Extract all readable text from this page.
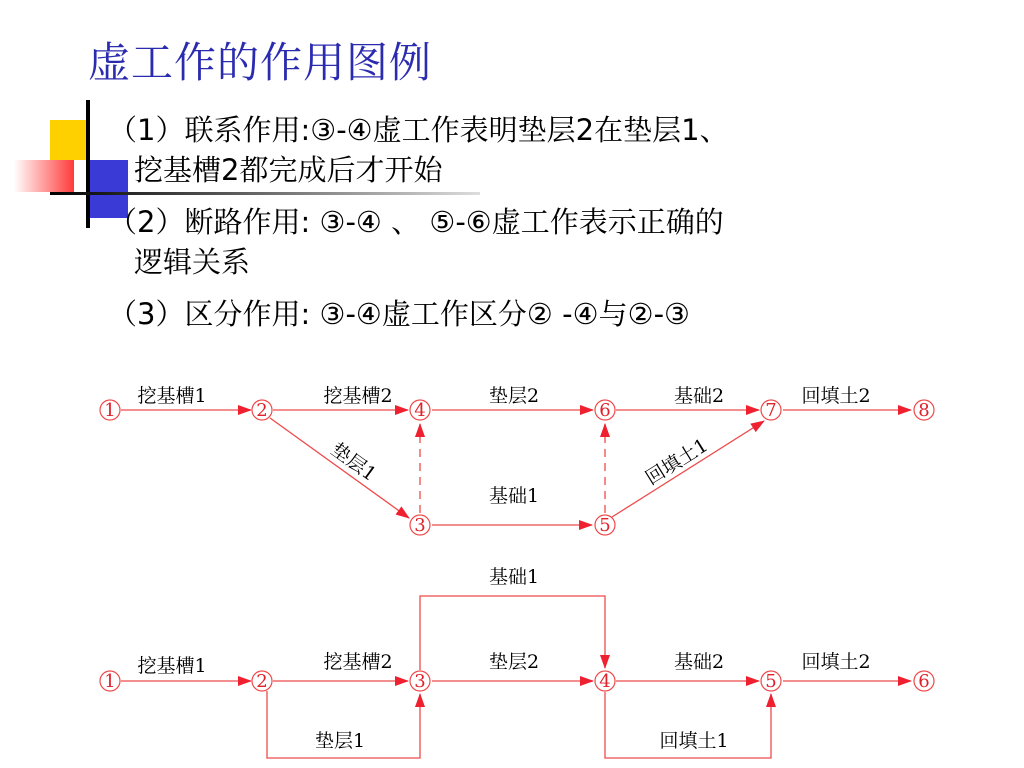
虚工作的作用图例
（1）联系作用:③-④虚工作表明垫层2在垫层1、
挖基槽2都完成后才开始
（2）断路作用: ③-④ 、 ⑤-⑥虚工作表示正确的
逻辑关系
（3）区分作用: ③-④虚工作区分② -④与②-③
1	2	4	6	7	8
3	5
挖基槽1	挖基槽2	垫层2	基础2	回填土2
垫层1
基础1
回填土1
1	2	3	4	5	6
挖基槽1	挖基槽2	垫层2	基础2	回填土2
基础1
垫层1	回填土1
